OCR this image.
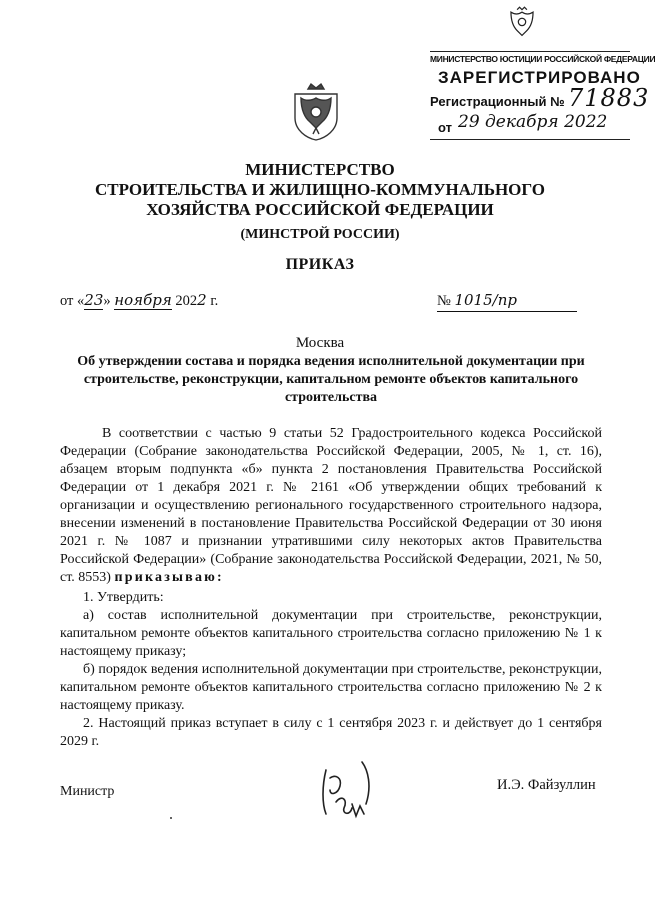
МИНИСТЕРСТВО ЮСТИЦИИ РОССИЙСКОЙ ФЕДЕРАЦИИ
ЗАРЕГИСТРИРОВАНО
Регистрационный № 71883
от 29 декабря 2022
МИНИСТЕРСТВО
СТРОИТЕЛЬСТВА И ЖИЛИЩНО-КОММУНАЛЬНОГО
ХОЗЯЙСТВА РОССИЙСКОЙ ФЕДЕРАЦИИ
(МИНСТРОЙ РОССИИ)
ПРИКАЗ
от «23» ноября 2022 г.	№ 1015/пр
Москва
Об утверждении состава и порядка ведения исполнительной документации при строительстве, реконструкции, капитальном ремонте объектов капитального строительства
В соответствии с частью 9 статьи 52 Градостроительного кодекса Российской Федерации (Собрание законодательства Российской Федерации, 2005, № 1, ст. 16), абзацем вторым подпункта «б» пункта 2 постановления Правительства Российской Федерации от 1 декабря 2021 г. № 2161 «Об утверждении общих требований к организации и осуществлению регионального государственного строительного надзора, внесении изменений в постановление Правительства Российской Федерации от 30 июня 2021 г. № 1087 и признании утратившими силу некоторых актов Правительства Российской Федерации» (Собрание законодательства Российской Федерации, 2021, № 50, ст. 8553) приказываю:
1. Утвердить:
а) состав исполнительной документации при строительстве, реконструкции, капитальном ремонте объектов капитального строительства согласно приложению № 1 к настоящему приказу;
б) порядок ведения исполнительной документации при строительстве, реконструкции, капитальном ремонте объектов капитального строительства согласно приложению № 2 к настоящему приказу.
2. Настоящий приказ вступает в силу с 1 сентября 2023 г. и действует до 1 сентября 2029 г.
Министр	И.Э. Файзуллин
